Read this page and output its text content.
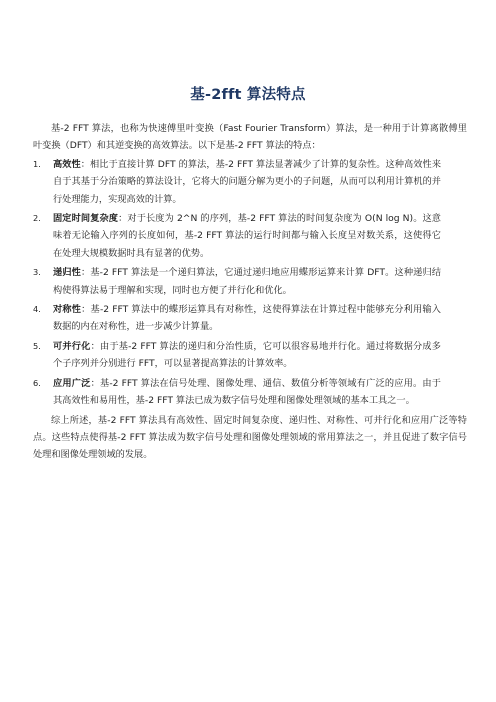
基-2fft 算法特点

基-2 FFT 算法，也称为快速傅里叶变换（Fast Fourier Transform）算法，是一种用于计算离散傅里叶变换（DFT）和其逆变换的高效算法。以下是基-2 FFT 算法的特点：

1. 高效性：相比于直接计算 DFT 的算法，基-2 FFT 算法显著减少了计算的复杂性。这种高效性来自于其基于分治策略的算法设计，它将大的问题分解为更小的子问题，从而可以利用计算机的并行处理能力，实现高效的计算。
2. 固定时间复杂度：对于长度为 2^N 的序列，基-2 FFT 算法的时间复杂度为 O(N log N)。这意味着无论输入序列的长度如何，基-2 FFT 算法的运行时间都与输入长度呈对数关系，这使得它在处理大规模数据时具有显著的优势。
3. 递归性：基-2 FFT 算法是一个递归算法，它通过递归地应用蝶形运算来计算 DFT。这种递归结构使得算法易于理解和实现，同时也方便了并行化和优化。
4. 对称性：基-2 FFT 算法中的蝶形运算具有对称性，这使得算法在计算过程中能够充分利用输入数据的内在对称性，进一步减少计算量。
5. 可并行化：由于基-2 FFT 算法的递归和分治性质，它可以很容易地并行化。通过将数据分成多个子序列并分别进行 FFT，可以显著提高算法的计算效率。
6. 应用广泛：基-2 FFT 算法在信号处理、图像处理、通信、数值分析等领域有广泛的应用。由于其高效性和易用性，基-2 FFT 算法已成为数字信号处理和图像处理领域的基本工具之一。

综上所述，基-2 FFT 算法具有高效性、固定时间复杂度、递归性、对称性、可并行化和应用广泛等特点。这些特点使得基-2 FFT 算法成为数字信号处理和图像处理领域的常用算法之一，并且促进了数字信号处理和图像处理领域的发展。
